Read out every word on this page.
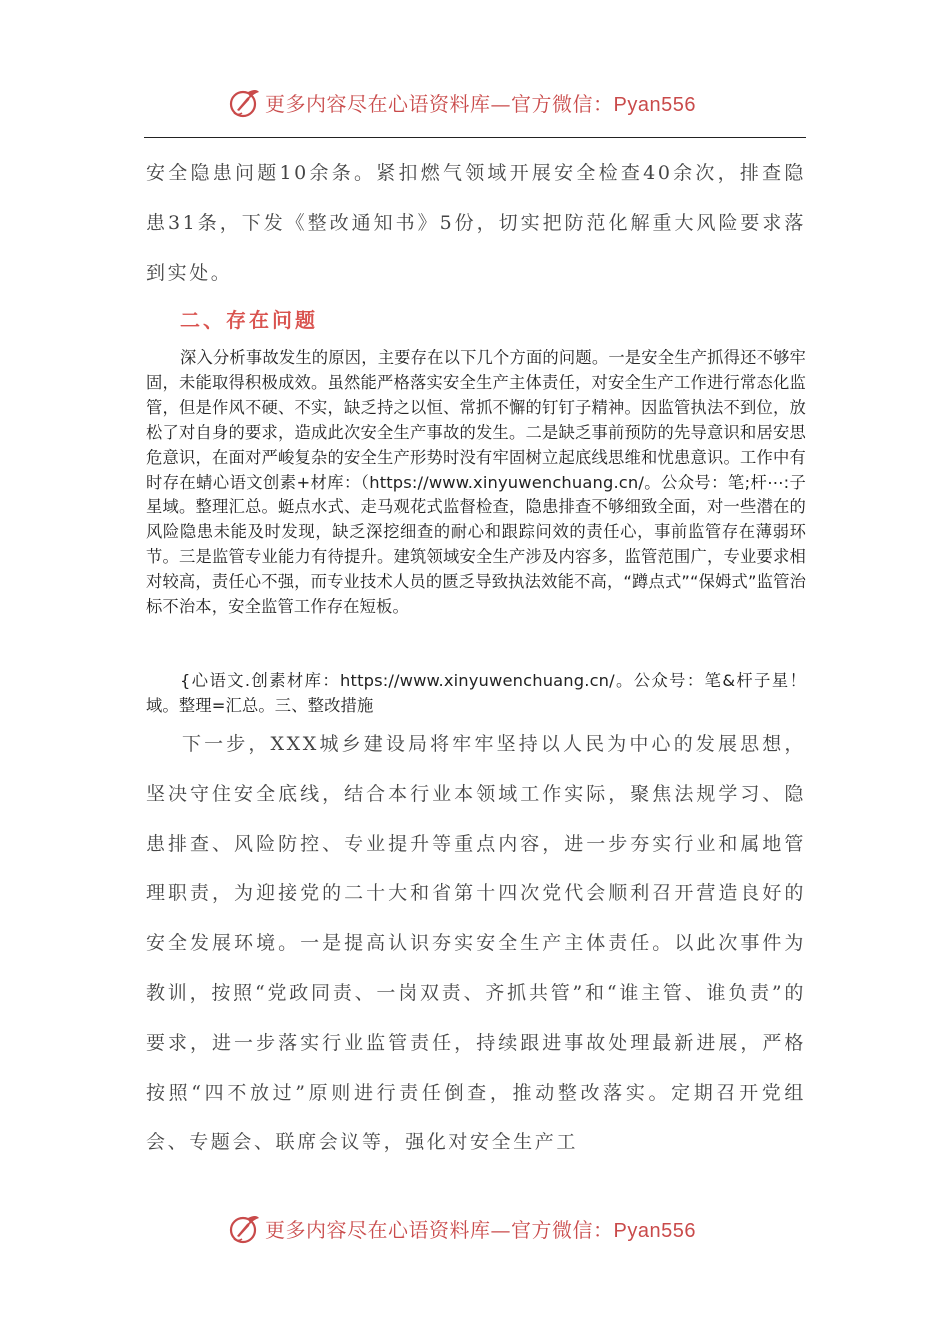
更多内容尽在心语资料库—官方微信：Pyan556

安全隐患问题10余条。紧扣燃气领域开展安全检查40余次，排查隐患31条，下发《整改通知书》5份，切实把防范化解重大风险要求落到实处。

二、存在问题

深入分析事故发生的原因，主要存在以下几个方面的问题。一是安全生产抓得还不够牢固，未能取得积极成效。虽然能严格落实安全生产主体责任，对安全生产工作进行常态化监管，但是作风不硬、不实，缺乏持之以恒、常抓不懈的钉钉子精神。因监管执法不到位，放松了对自身的要求，造成此次安全生产事故的发生。二是缺乏事前预防的先导意识和居安思危意识，在面对严峻复杂的安全生产形势时没有牢固树立起底线思维和忧患意识。工作中有时存在蜻心语文创素+材库：（https://www.xinyuwenchuang.cn/。公众号：笔;杆⋯:子星域。整理汇总。蜓点水式、走马观花式监督检查，隐患排查不够细致全面，对一些潜在的风险隐患未能及时发现，缺乏深挖细查的耐心和跟踪问效的责任心，事前监管存在薄弱环节。三是监管专业能力有待提升。建筑领域安全生产涉及内容多，监管范围广，专业要求相对较高，责任心不强，而专业技术人员的匮乏导致执法效能不高，“蹲点式”“保姆式”监管治标不治本，安全监管工作存在短板。

{心语文.创素材库：https://www.xinyuwenchuang.cn/。公众号：笔&杆子星！域。整理=汇总。三、整改措施

下一步，XXX城乡建设局将牢牢坚持以人民为中心的发展思想，坚决守住安全底线，结合本行业本领域工作实际，聚焦法规学习、隐患排查、风险防控、专业提升等重点内容，进一步夯实行业和属地管理职责，为迎接党的二十大和省第十四次党代会顺利召开营造良好的安全发展环境。一是提高认识夯实安全生产主体责任。以此次事件为教训，按照“党政同责、一岗双责、齐抓共管”和“谁主管、谁负责”的要求，进一步落实行业监管责任，持续跟进事故处理最新进展，严格按照“四不放过”原则进行责任倒查，推动整改落实。定期召开党组会、专题会、联席会议等，强化对安全生产工

更多内容尽在心语资料库—官方微信：Pyan556
